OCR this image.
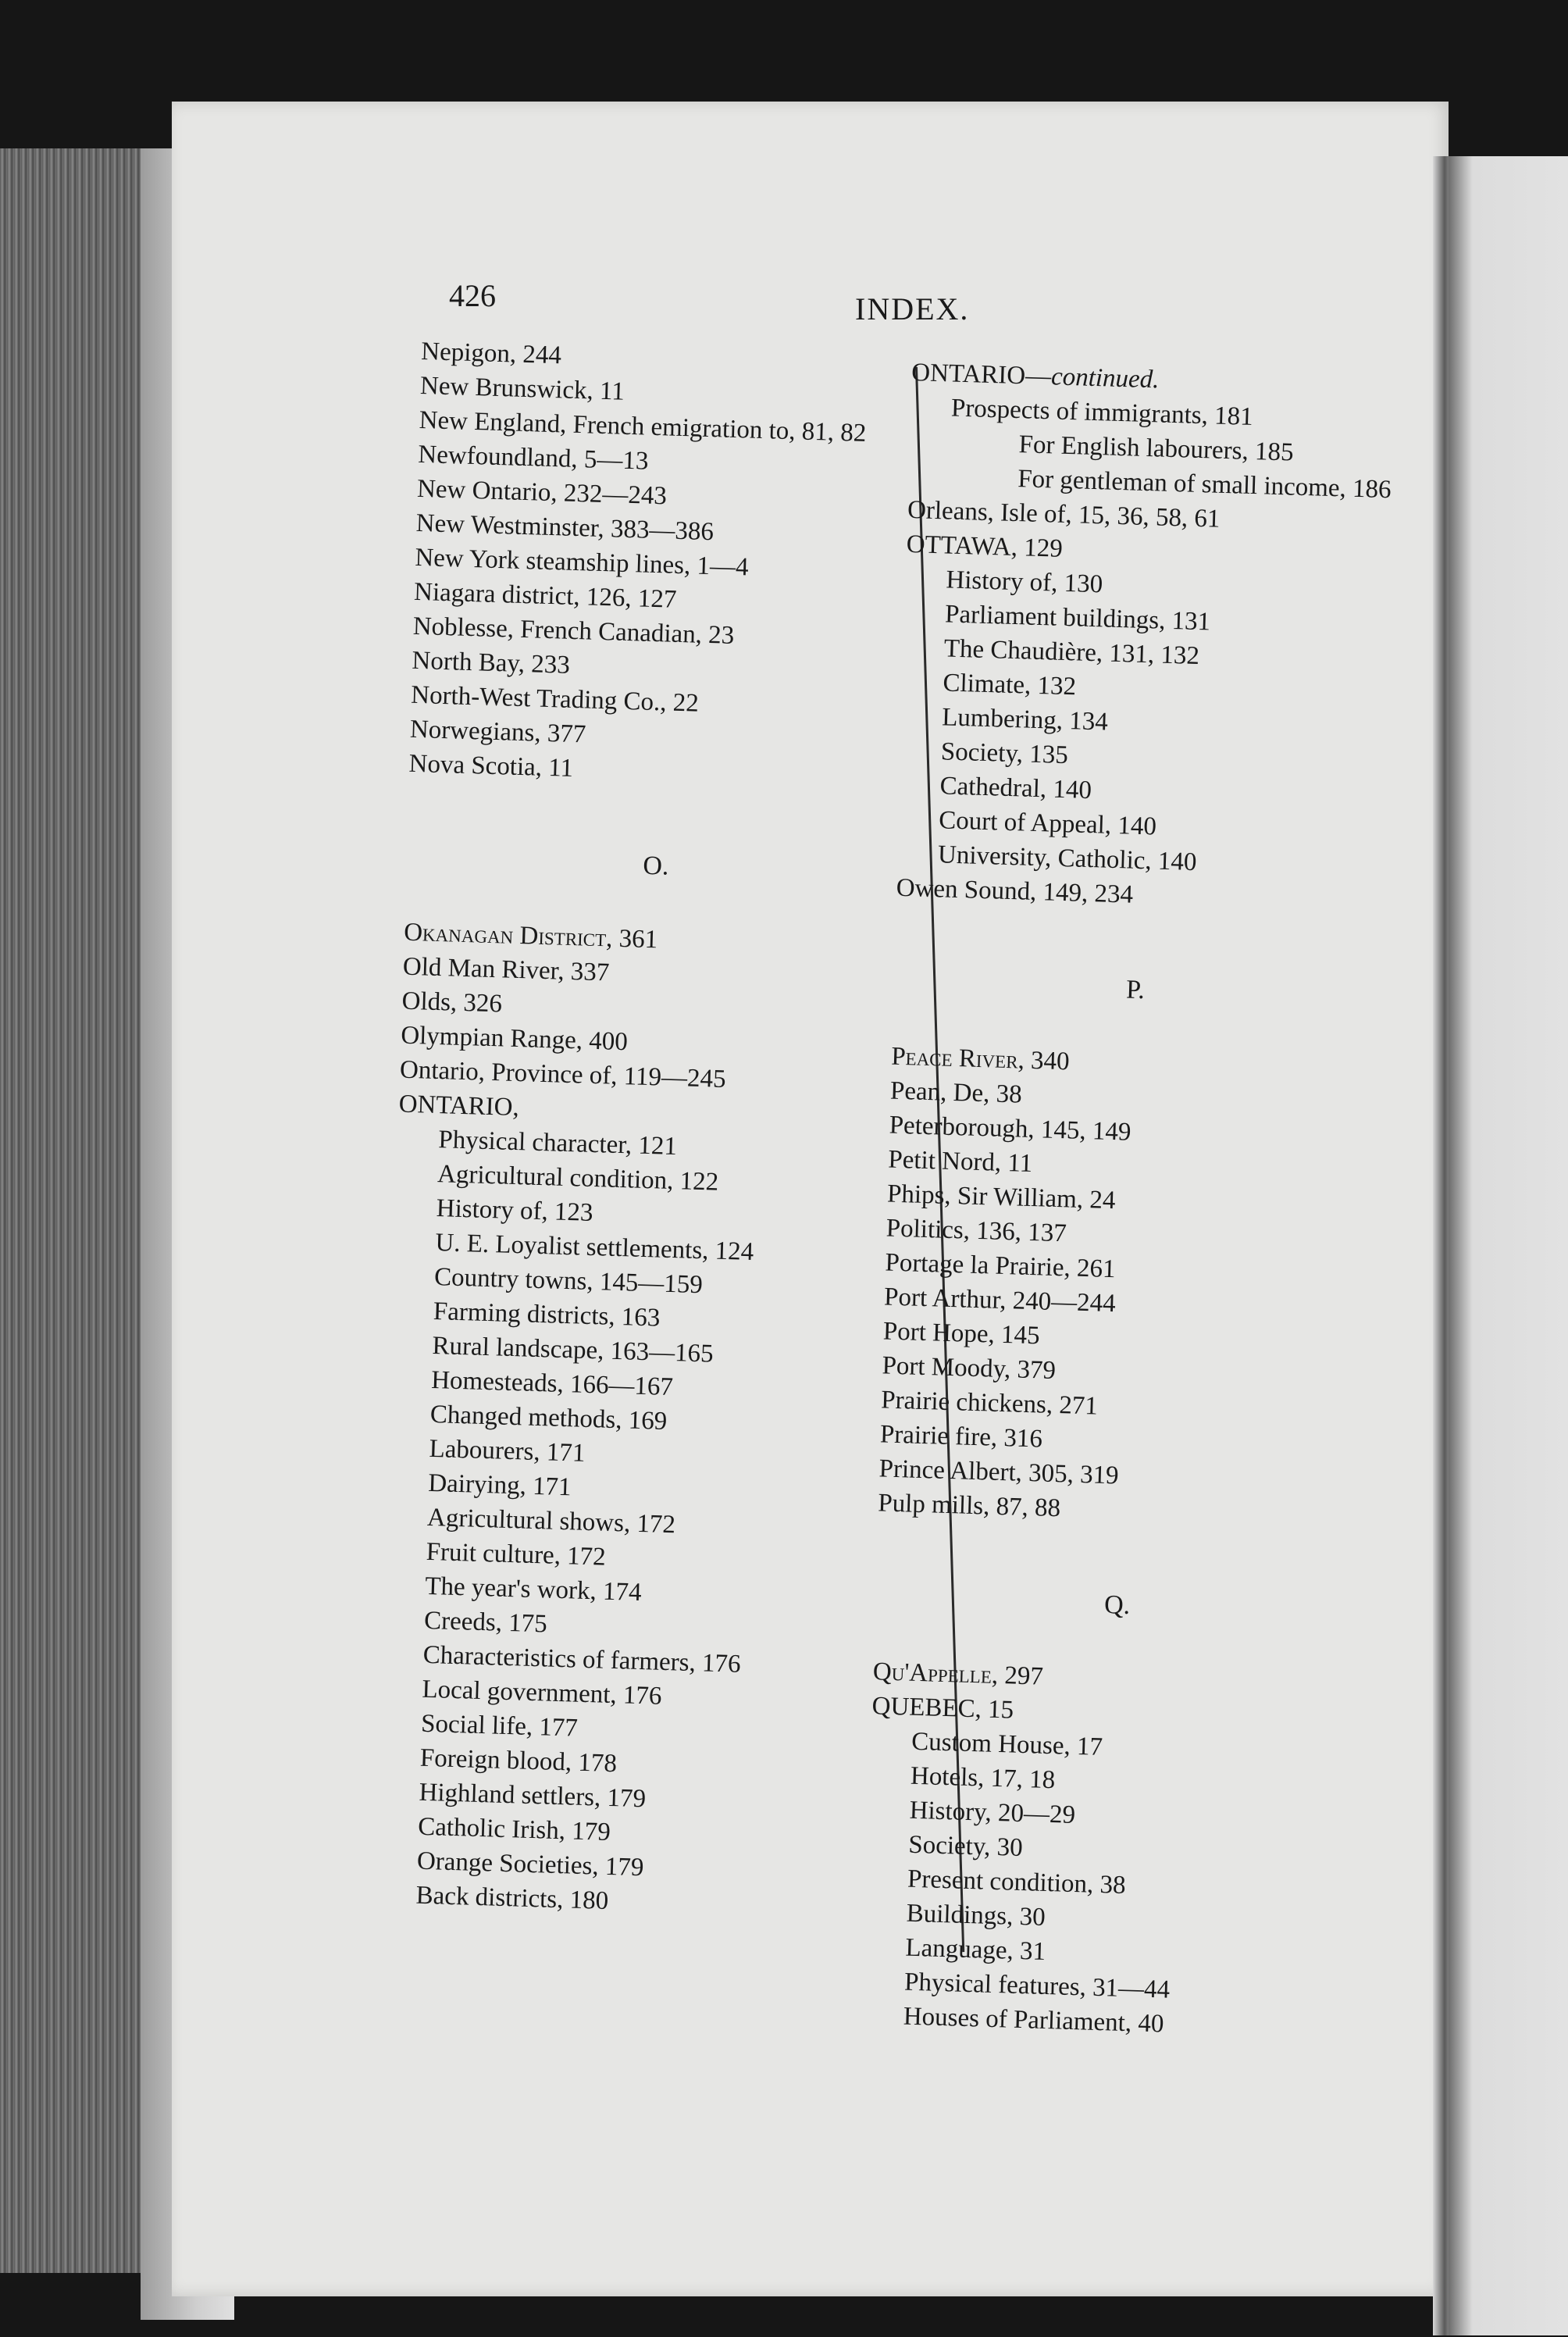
426	INDEX.
Nepigon, 244
New Brunswick, 11
New England, French emigration to, 81, 82
Newfoundland, 5—13
New Ontario, 232—243
New Westminster, 383—386
New York steamship lines, 1—4
Niagara district, 126, 127
Noblesse, French Canadian, 23
North Bay, 233
North-West Trading Co., 22
Norwegians, 377
Nova Scotia, 11
O.
Okanagan District, 361
Old Man River, 337
Olds, 326
Olympian Range, 400
Ontario, Province of, 119—245
ONTARIO,
Physical character, 121
Agricultural condition, 122
History of, 123
U. E. Loyalist settlements, 124
Country towns, 145—159
Farming districts, 163
Rural landscape, 163—165
Homesteads, 166—167
Changed methods, 169
Labourers, 171
Dairying, 171
Agricultural shows, 172
Fruit culture, 172
The year's work, 174
Creeds, 175
Characteristics of farmers, 176
Local government, 176
Social life, 177
Foreign blood, 178
Highland settlers, 179
Catholic Irish, 179
Orange Societies, 179
Back districts, 180
ONTARIO—continued.
Prospects of immigrants, 181
For English labourers, 185
For gentleman of small income, 186
Orleans, Isle of, 15, 36, 58, 61
OTTAWA, 129
History of, 130
Parliament buildings, 131
The Chaudière, 131, 132
Climate, 132
Lumbering, 134
Society, 135
Cathedral, 140
Court of Appeal, 140
University, Catholic, 140
Owen Sound, 149, 234
P.
Peace River, 340
Pean, De, 38
Peterborough, 145, 149
Petit Nord, 11
Phips, Sir William, 24
Politics, 136, 137
Portage la Prairie, 261
Port Arthur, 240—244
Port Hope, 145
Port Moody, 379
Prairie chickens, 271
Prairie fire, 316
Prince Albert, 305, 319
Pulp mills, 87, 88
Q.
Qu'Appelle, 297
QUEBEC, 15
Custom House, 17
Hotels, 17, 18
History, 20—29
Society, 30
Present condition, 38
Buildings, 30
Language, 31
Physical features, 31—44
Houses of Parliament, 40
